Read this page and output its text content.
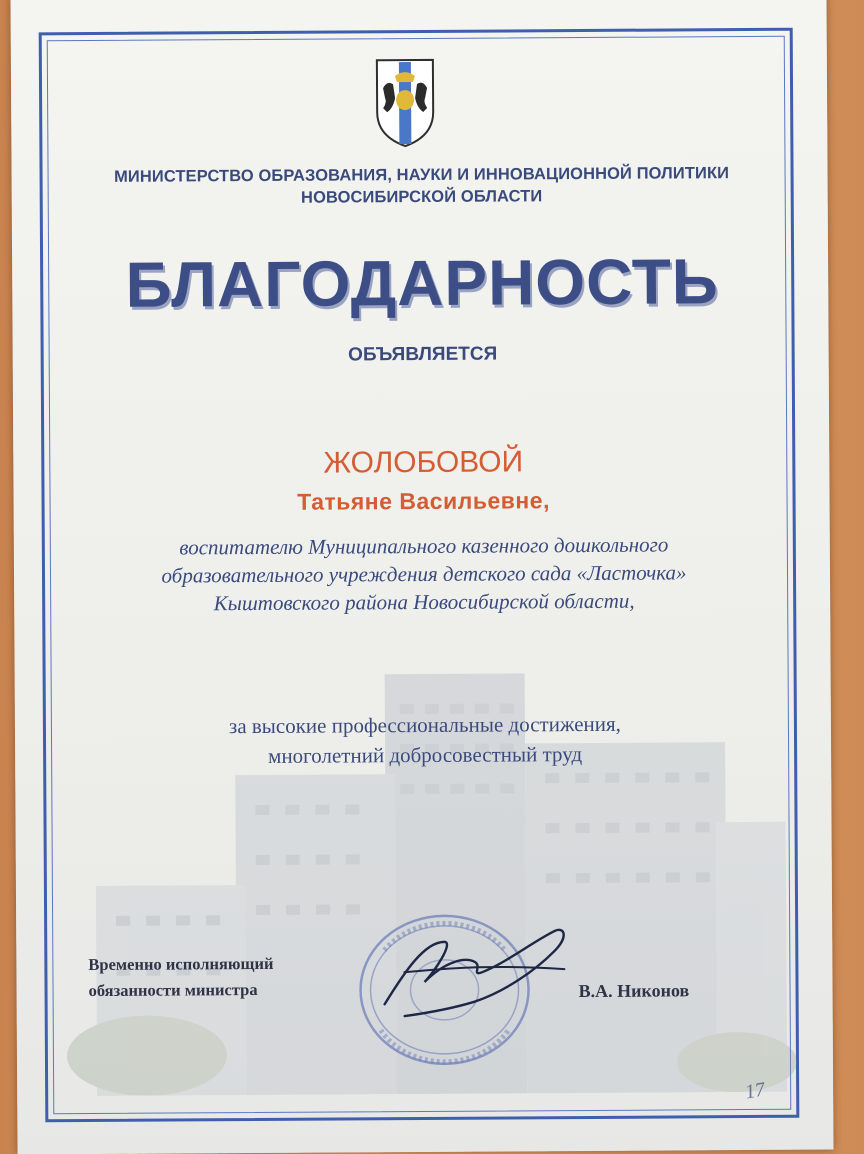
МИНИСТЕРСТВО ОБРАЗОВАНИЯ, НАУКИ И ИННОВАЦИОННОЙ ПОЛИТИКИ
НОВОСИБИРСКОЙ ОБЛАСТИ
БЛАГОДАРНОСТЬ
ОБЪЯВЛЯЕТСЯ
ЖОЛОБОВОЙ
Татьяне Васильевне,
воспитателю Муниципального казенного дошкольного
образовательного учреждения детского сада «Ласточка»
Кыштовского района Новосибирской области,
за высокие профессиональные достижения,
многолетний добросовестный труд
Временно исполняющий
обязанности министра	В.А. Никонов
17
